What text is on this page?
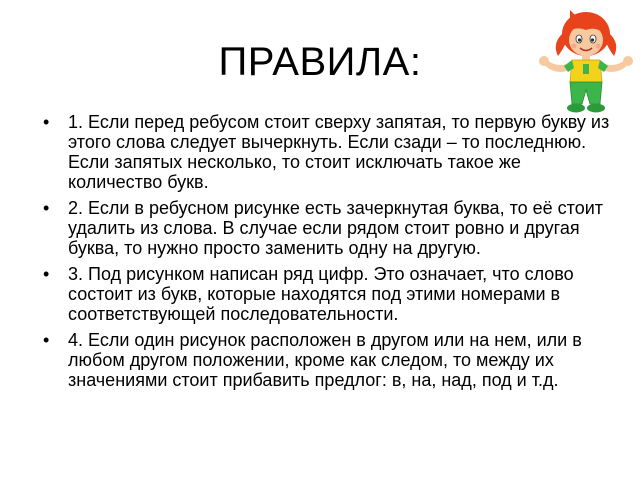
ПРАВИЛА:
• 1. Если перед ребусом стоит сверху запятая, то первую букву из этого слова следует вычеркнуть. Если сзади – то последнюю. Если запятых несколько, то стоит исключать такое же количество букв.
• 2. Если в ребусном рисунке есть зачеркнутая буква, то её стоит удалить из слова. В случае если рядом стоит ровно и другая буква, то нужно просто заменить одну на другую.
• 3. Под рисунком написан ряд цифр. Это означает, что слово состоит из букв, которые находятся под этими номерами в соответствующей последовательности.
• 4. Если один рисунок расположен в другом или на нем, или в любом другом положении, кроме как следом, то между их значениями стоит прибавить предлог: в, на, над, под и т.д.
